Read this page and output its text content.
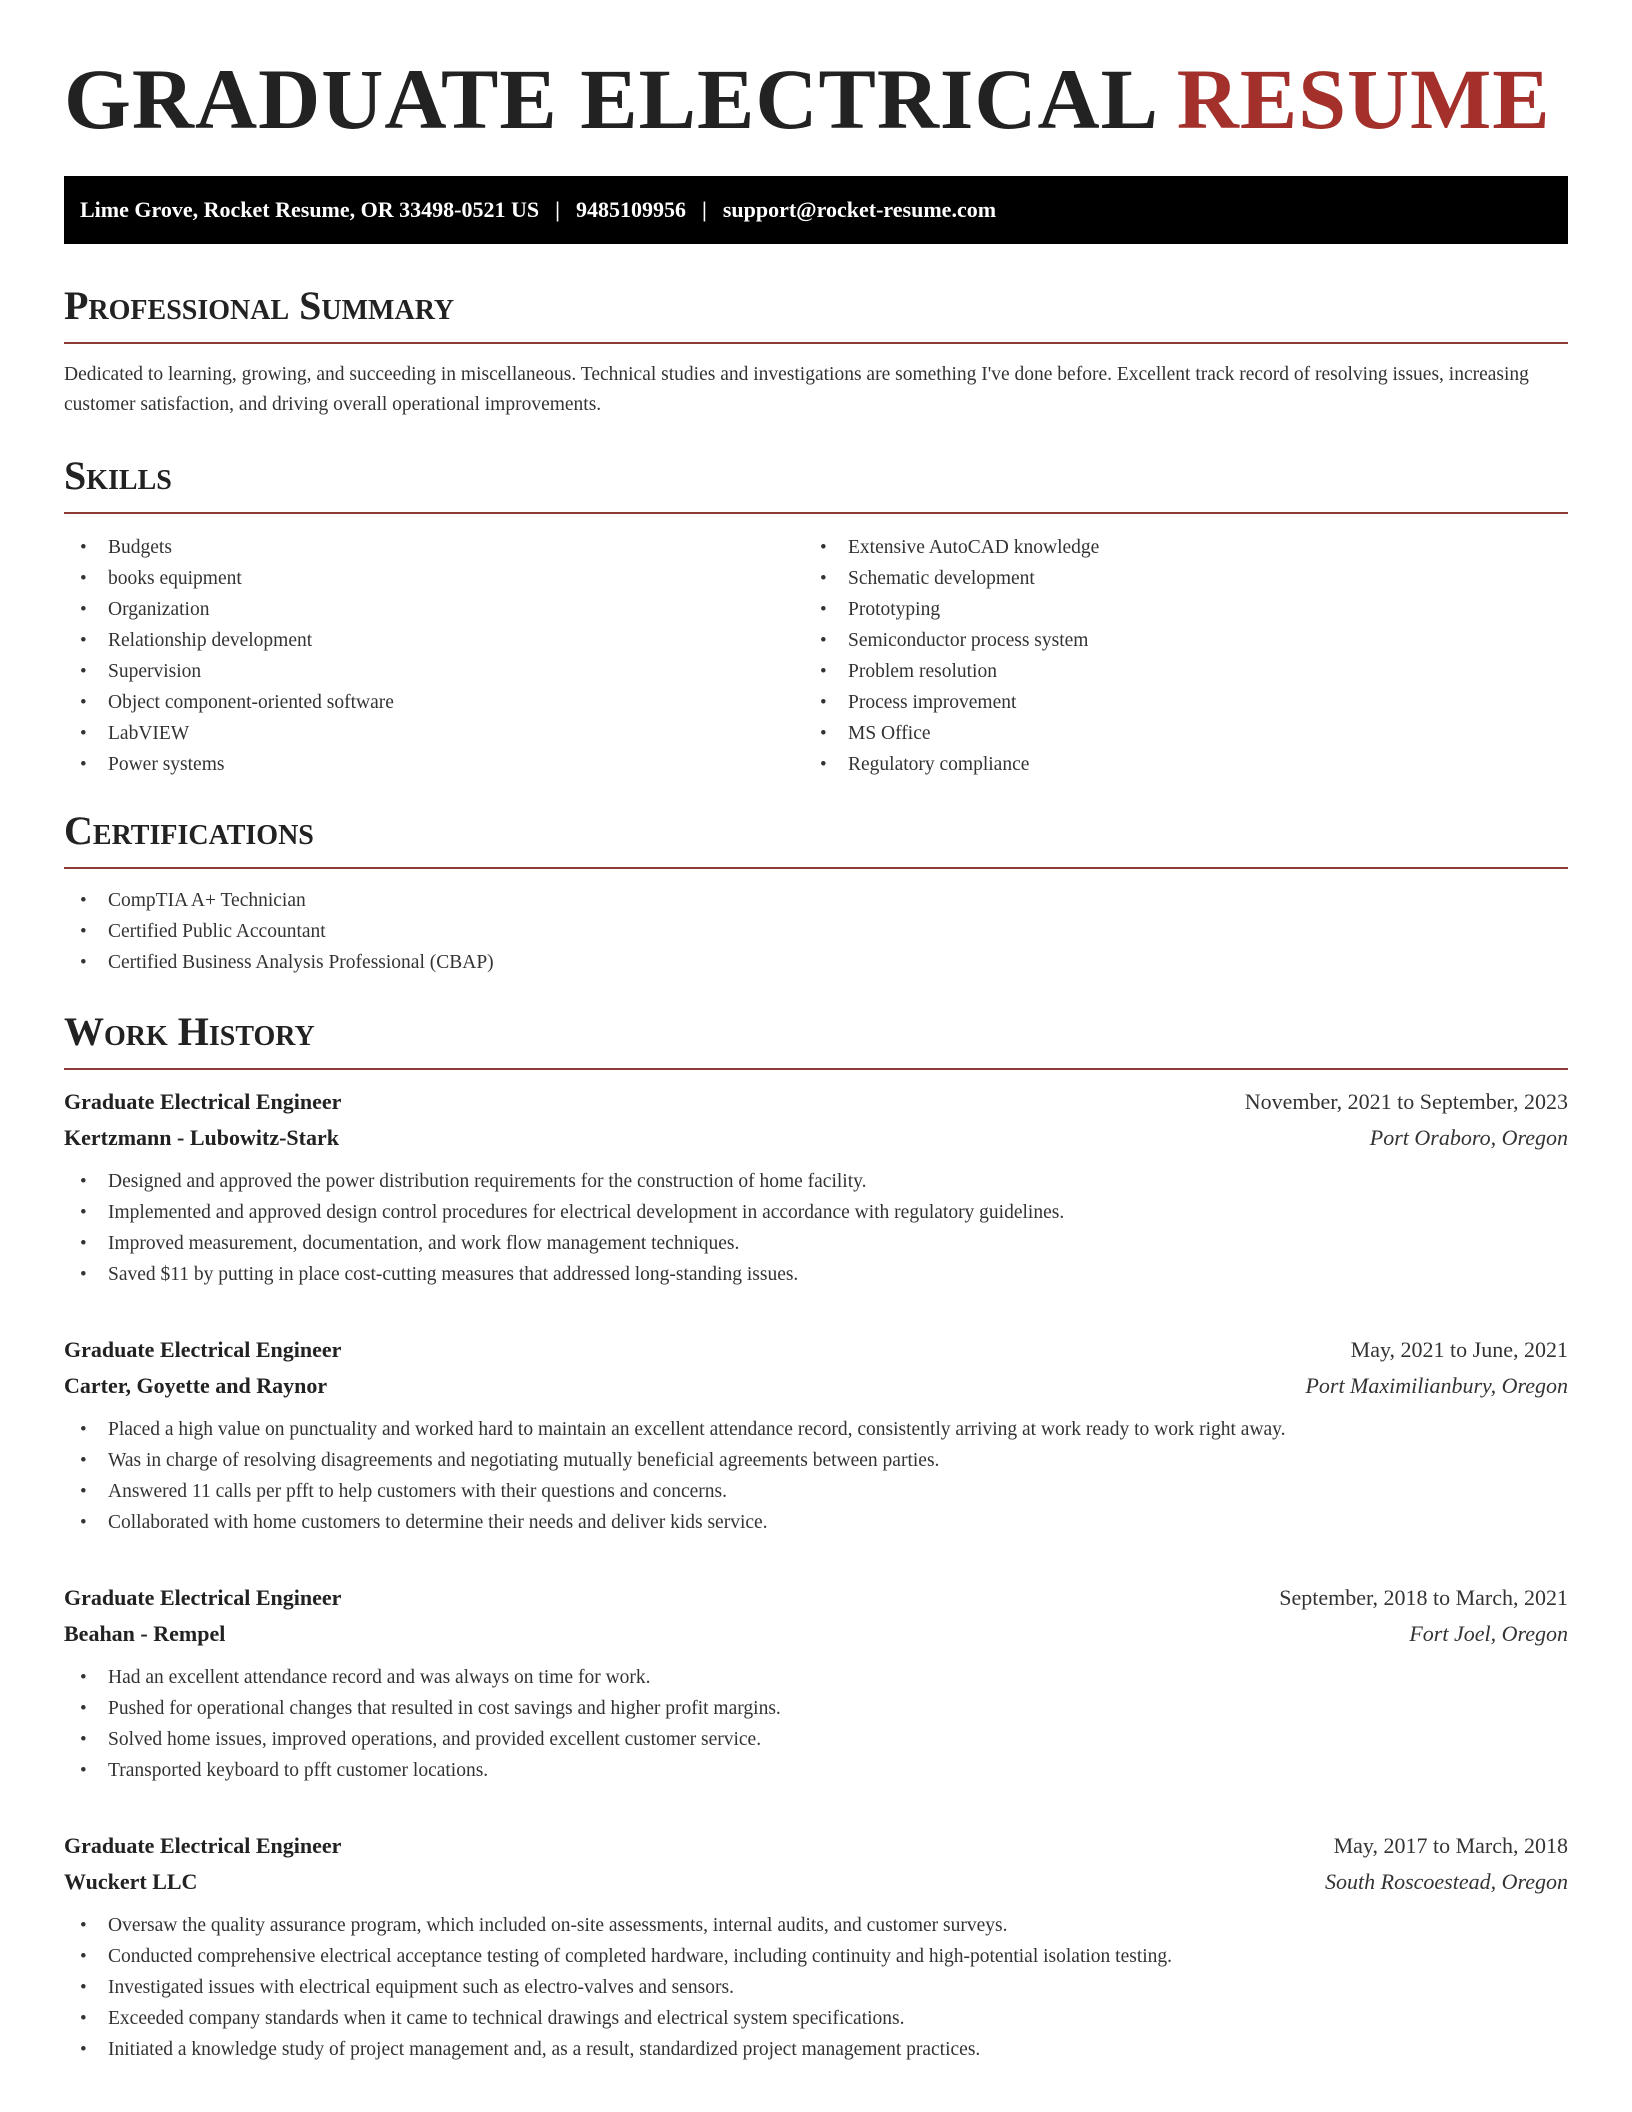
GRADUATE ELECTRICAL RESUME
Lime Grove, Rocket Resume, OR 33498-0521 US | 9485109956 | support@rocket-resume.com
Professional Summary

Dedicated to learning, growing, and succeeding in miscellaneous. Technical studies and investigations are something I've done before. Excellent track record of resolving issues, increasing customer satisfaction, and driving overall operational improvements.

Skills
• Budgets
• books equipment
• Organization
• Relationship development
• Supervision
• Object component-oriented software
• LabVIEW
• Power systems
• Extensive AutoCAD knowledge
• Schematic development
• Prototyping
• Semiconductor process system
• Problem resolution
• Process improvement
• MS Office
• Regulatory compliance
Certifications
• CompTIA A+ Technician
• Certified Public Accountant
• Certified Business Analysis Professional (CBAP)
Work History
Graduate Electrical Engineer	November, 2021 to September, 2023
Kertzmann - Lubowitz-Stark	Port Oraboro, Oregon
• Designed and approved the power distribution requirements for the construction of home facility.
• Implemented and approved design control procedures for electrical development in accordance with regulatory guidelines.
• Improved measurement, documentation, and work flow management techniques.
• Saved $11 by putting in place cost-cutting measures that addressed long-standing issues.
Graduate Electrical Engineer	May, 2021 to June, 2021
Carter, Goyette and Raynor	Port Maximilianbury, Oregon
• Placed a high value on punctuality and worked hard to maintain an excellent attendance record, consistently arriving at work ready to work right away.
• Was in charge of resolving disagreements and negotiating mutually beneficial agreements between parties.
• Answered 11 calls per pfft to help customers with their questions and concerns.
• Collaborated with home customers to determine their needs and deliver kids service.
Graduate Electrical Engineer	September, 2018 to March, 2021
Beahan - Rempel	Fort Joel, Oregon
• Had an excellent attendance record and was always on time for work.
• Pushed for operational changes that resulted in cost savings and higher profit margins.
• Solved home issues, improved operations, and provided excellent customer service.
• Transported keyboard to pfft customer locations.
Graduate Electrical Engineer	May, 2017 to March, 2018
Wuckert LLC	South Roscoestead, Oregon
• Oversaw the quality assurance program, which included on-site assessments, internal audits, and customer surveys.
• Conducted comprehensive electrical acceptance testing of completed hardware, including continuity and high-potential isolation testing.
• Investigated issues with electrical equipment such as electro-valves and sensors.
• Exceeded company standards when it came to technical drawings and electrical system specifications.
• Initiated a knowledge study of project management and, as a result, standardized project management practices.
